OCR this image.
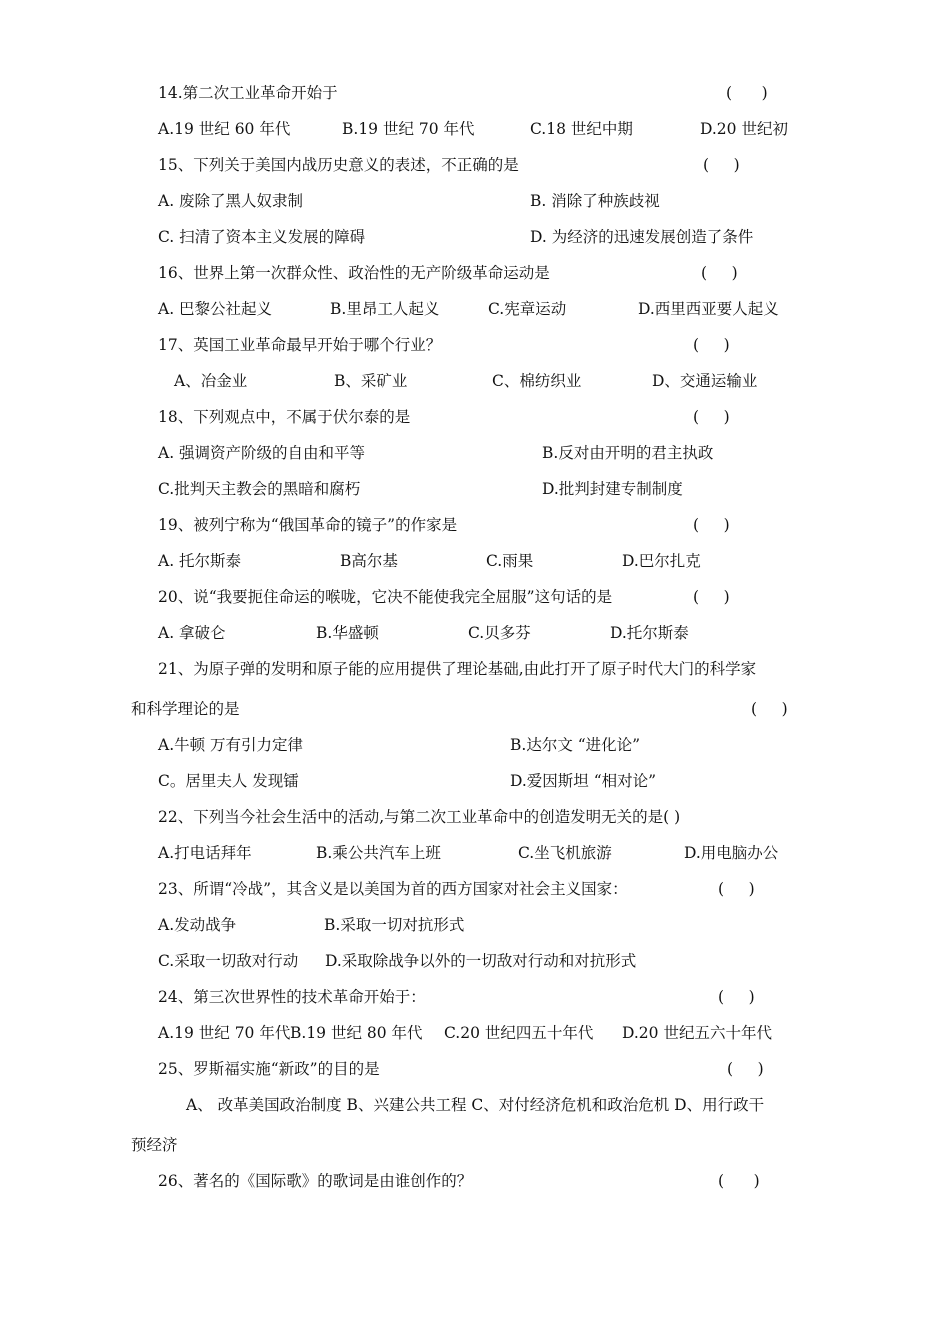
14.第二次工业革命开始于	(      )
A.19 世纪 60 年代	B.19 世纪 70 年代	C.18 世纪中期	D.20 世纪初
15、下列关于美国内战历史意义的表述，不正确的是	(     )
A. 废除了黑人奴隶制	B. 消除了种族歧视
C. 扫清了资本主义发展的障碍	D. 为经济的迅速发展创造了条件
16、世界上第一次群众性、政治性的无产阶级革命运动是	(     )
A. 巴黎公社起义	B.里昂工人起义	C.宪章运动	D.西里西亚要人起义
17、英国工业革命最早开始于哪个行业？	(     )
A、冶金业	B、采矿业	C、棉纺织业	D、交通运输业
18、下列观点中，不属于伏尔泰的是	(     )
A. 强调资产阶级的自由和平等	B.反对由开明的君主执政
C.批判天主教会的黑暗和腐朽	D.批判封建专制制度
19、被列宁称为“俄国革命的镜子”的作家是	(     )
A. 托尔斯泰	B高尔基	C.雨果	D.巴尔扎克
20、说“我要扼住命运的喉咙，它决不能使我完全屈服”这句话的是	(     )
A. 拿破仑	B.华盛顿	C.贝多芬	D.托尔斯泰
21、为原子弹的发明和原子能的应用提供了理论基础,由此打开了原子时代大门的科学家
和科学理论的是	(     )
A.牛顿 万有引力定律	B.达尔文 “进化论”
C。居里夫人 发现镭	D.爱因斯坦 “相对论”
22、下列当今社会生活中的活动,与第二次工业革命中的创造发明无关的是( )
A.打电话拜年	B.乘公共汽车上班	C.坐飞机旅游	D.用电脑办公
23、所谓“冷战”，其含义是以美国为首的西方国家对社会主义国家：	(     )
A.发动战争	B.采取一切对抗形式
C.采取一切敌对行动 D.采取除战争以外的一切敌对行动和对抗形式
24、第三次世界性的技术革命开始于：	(     )
A.19 世纪 70 年代 B.19 世纪 80 年代 C.20 世纪四五十年代 D.20 世纪五六十年代
25、罗斯福实施“新政”的目的是	(     )
A、 改革美国政治制度 B、兴建公共工程 C、对付经济危机和政治危机 D、用行政干
预经济
26、著名的《国际歌》的歌词是由谁创作的？	(      )
